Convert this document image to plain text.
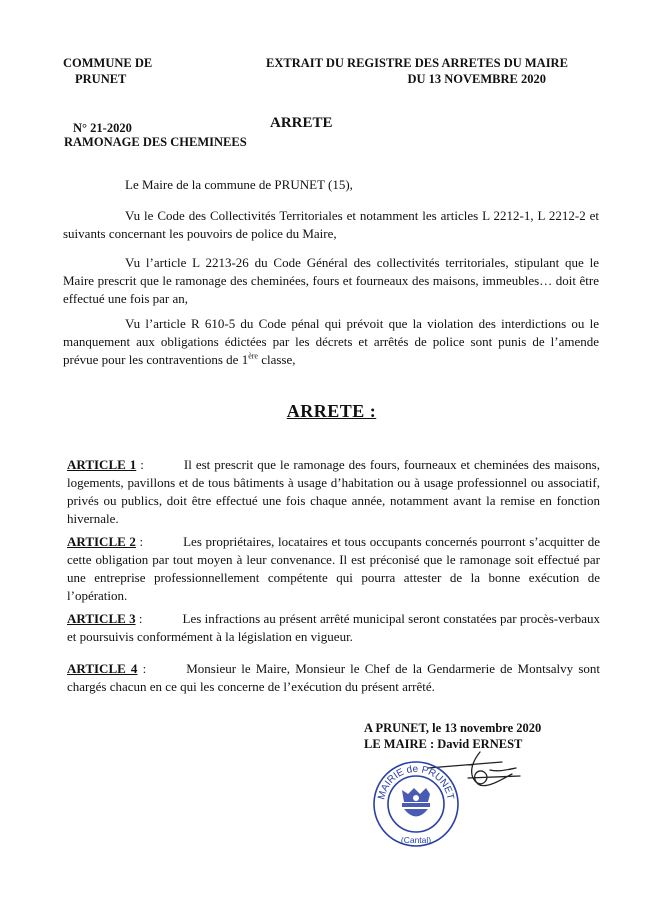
COMMUNE DE
PRUNET
EXTRAIT DU REGISTRE DES ARRETES DU MAIRE
DU 13 NOVEMBRE 2020
N° 21-2020
RAMONAGE DES CHEMINEES
ARRETE
Le Maire de la commune de PRUNET (15),
Vu le Code des Collectivités Territoriales et notamment les articles L 2212-1, L 2212-2 et suivants concernant les pouvoirs de police du Maire,
Vu l’article L 2213-26 du Code Général des collectivités territoriales, stipulant que le Maire prescrit que le ramonage des cheminées, fours et fourneaux des maisons, immeubles… doit être effectué une fois par an,
Vu l’article R 610-5 du Code pénal qui prévoit que la violation des interdictions ou le manquement aux obligations édictées par les décrets et arrêtés de police sont punis de l’amende prévue pour les contraventions de 1ère classe,
ARRETE :
ARTICLE 1 :	Il est prescrit que le ramonage des fours, fourneaux et cheminées des maisons, logements, pavillons et de tous bâtiments à usage d’habitation ou à usage professionnel ou associatif, privés ou publics, doit être effectué une fois chaque année, notamment avant la remise en fonction hivernale.
ARTICLE 2 :	Les propriétaires, locataires et tous occupants concernés pourront s’acquitter de cette obligation par tout moyen à leur convenance. Il est préconisé que le ramonage soit effectué par une entreprise professionnellement compétente qui pourra attester de la bonne exécution de l’opération.
ARTICLE 3 :	Les infractions au présent arrêté municipal seront constatées par procès-verbaux et poursuivis conformément à la législation en vigueur.
ARTICLE 4 :	Monsieur le Maire, Monsieur le Chef de la Gendarmerie de Montsalvy sont chargés chacun en ce qui les concerne de l’exécution du présent arrêté.
A PRUNET, le 13 novembre 2020
LE MAIRE : David ERNEST
MAIRIE de PRUNET
(Cantal)
